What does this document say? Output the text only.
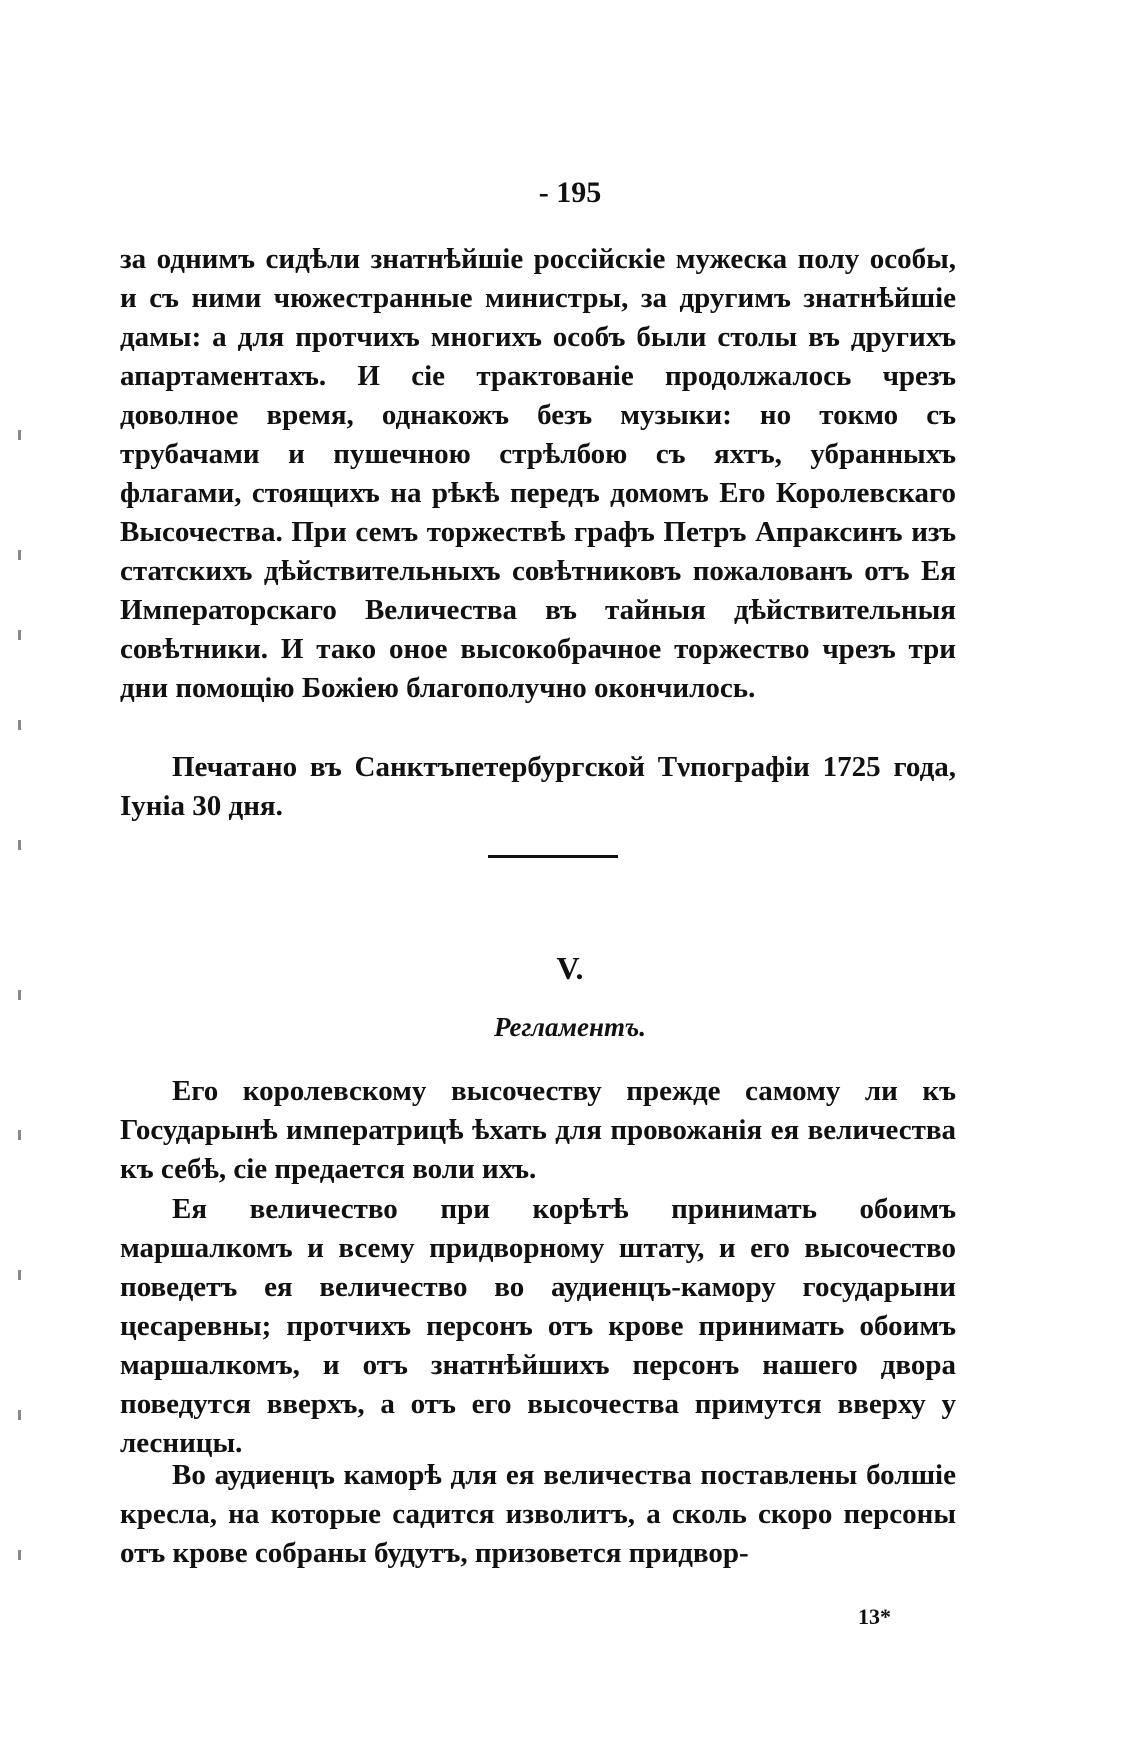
- 195
за однимъ сидѣли знатнѣйшіе россійскіе мужеска полу особы, и съ ними чюжестранные министры, за другимъ знатнѣйшіе дамы: а для протчихъ многихъ особъ были столы въ другихъ апартаментахъ. И сіе трактованіе продолжалось чрезъ доволное время, однакожъ безъ музыки: но токмо съ трубачами и пушечною стрѣлбою съ яхтъ, убранныхъ флагами, стоящихъ на рѣкѣ передъ домомъ Его Королевскаго Высочества. При семъ торжествѣ графъ Петръ Апраксинъ изъ статскихъ дѣйствительныхъ совѣтниковъ пожалованъ отъ Ея Императорскаго Величества въ тайныя дѣйствительныя совѣтники. И тако оное высокобрачное торжество чрезъ три дни помощію Божіею благополучно окончилось.
Печатано въ Санктъпетербургской Тνпографіи 1725 года, Іуніа 30 дня.
V.
Регламентъ.
Его королевскому высочеству прежде самому ли къ Государынѣ императрицѣ ѣхать для провожанія ея величества къ себѣ, сіе предается воли ихъ.
Ея величество при корѣтѣ принимать обоимъ маршалкомъ и всему придворному штату, и его высочество поведетъ ея величество во аудиенцъ-камору государыни цесаревны; протчихъ персонъ отъ крове принимать обоимъ маршалкомъ, и отъ знатнѣйшихъ персонъ нашего двора поведутся вверхъ, а отъ его высочества примутся вверху у лесницы.
Во аудиенцъ каморѣ для ея величества поставлены болшіе кресла, на которые садится изволитъ, а сколь скоро персоны отъ крове собраны будутъ, призовется придвор-
13*
